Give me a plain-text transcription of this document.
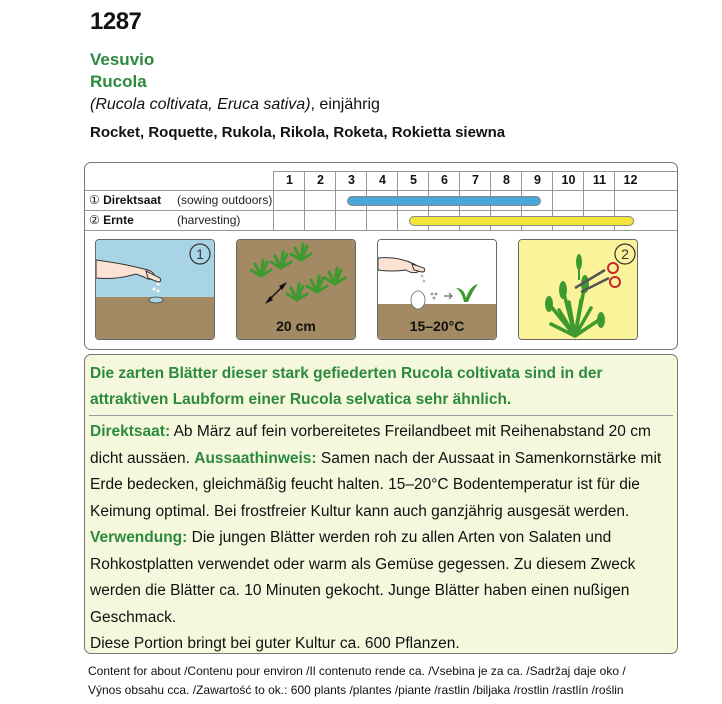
1287
Vesuvio
Rucola
(Rucola coltivata, Eruca sativa), einjährig
Rocket, Roquette, Rukola, Rikola, Roketa, Rokietta siewna
① Direktsaat (sowing outdoors)
② Ernte	(harvesting)
1	2	3	4	5	6	7	8	9	10	11	12
1
20 cm	15–20°C
2
Die zarten Blätter dieser stark gefiederten Rucola coltivata sind in der attraktiven Laubform einer Rucola selvatica sehr ähnlich.
Direktsaat: Ab März auf fein vorbereitetes Freilandbeet mit Reihenabstand 20 cm dicht aussäen. Aussaathinweis: Samen nach der Aussaat in Samenkornstärke mit Erde bedecken, gleichmäßig feucht halten. 15–20°C Bodentemperatur ist für die Keimung optimal. Bei frostfreier Kultur kann auch ganzjährig ausgesät werden. Verwendung: Die jungen Blätter werden roh zu allen Arten von Salaten und Rohkostplatten verwendet oder warm als Gemüse gegessen. Zu diesem Zweck werden die Blätter ca. 10 Minuten gekocht. Junge Blätter haben einen nußigen Geschmack.
Diese Portion bringt bei guter Kultur ca. 600 Pflanzen.
Content for about /Contenu pour environ /Il contenuto rende ca. /Vsebina je za ca. /Sadržaj daje oko /
Výnos obsahu cca. /Zawartość to ok.: 600 plants /plantes /piante /rastlin /biljaka /rostlin /rastlín /roślin
